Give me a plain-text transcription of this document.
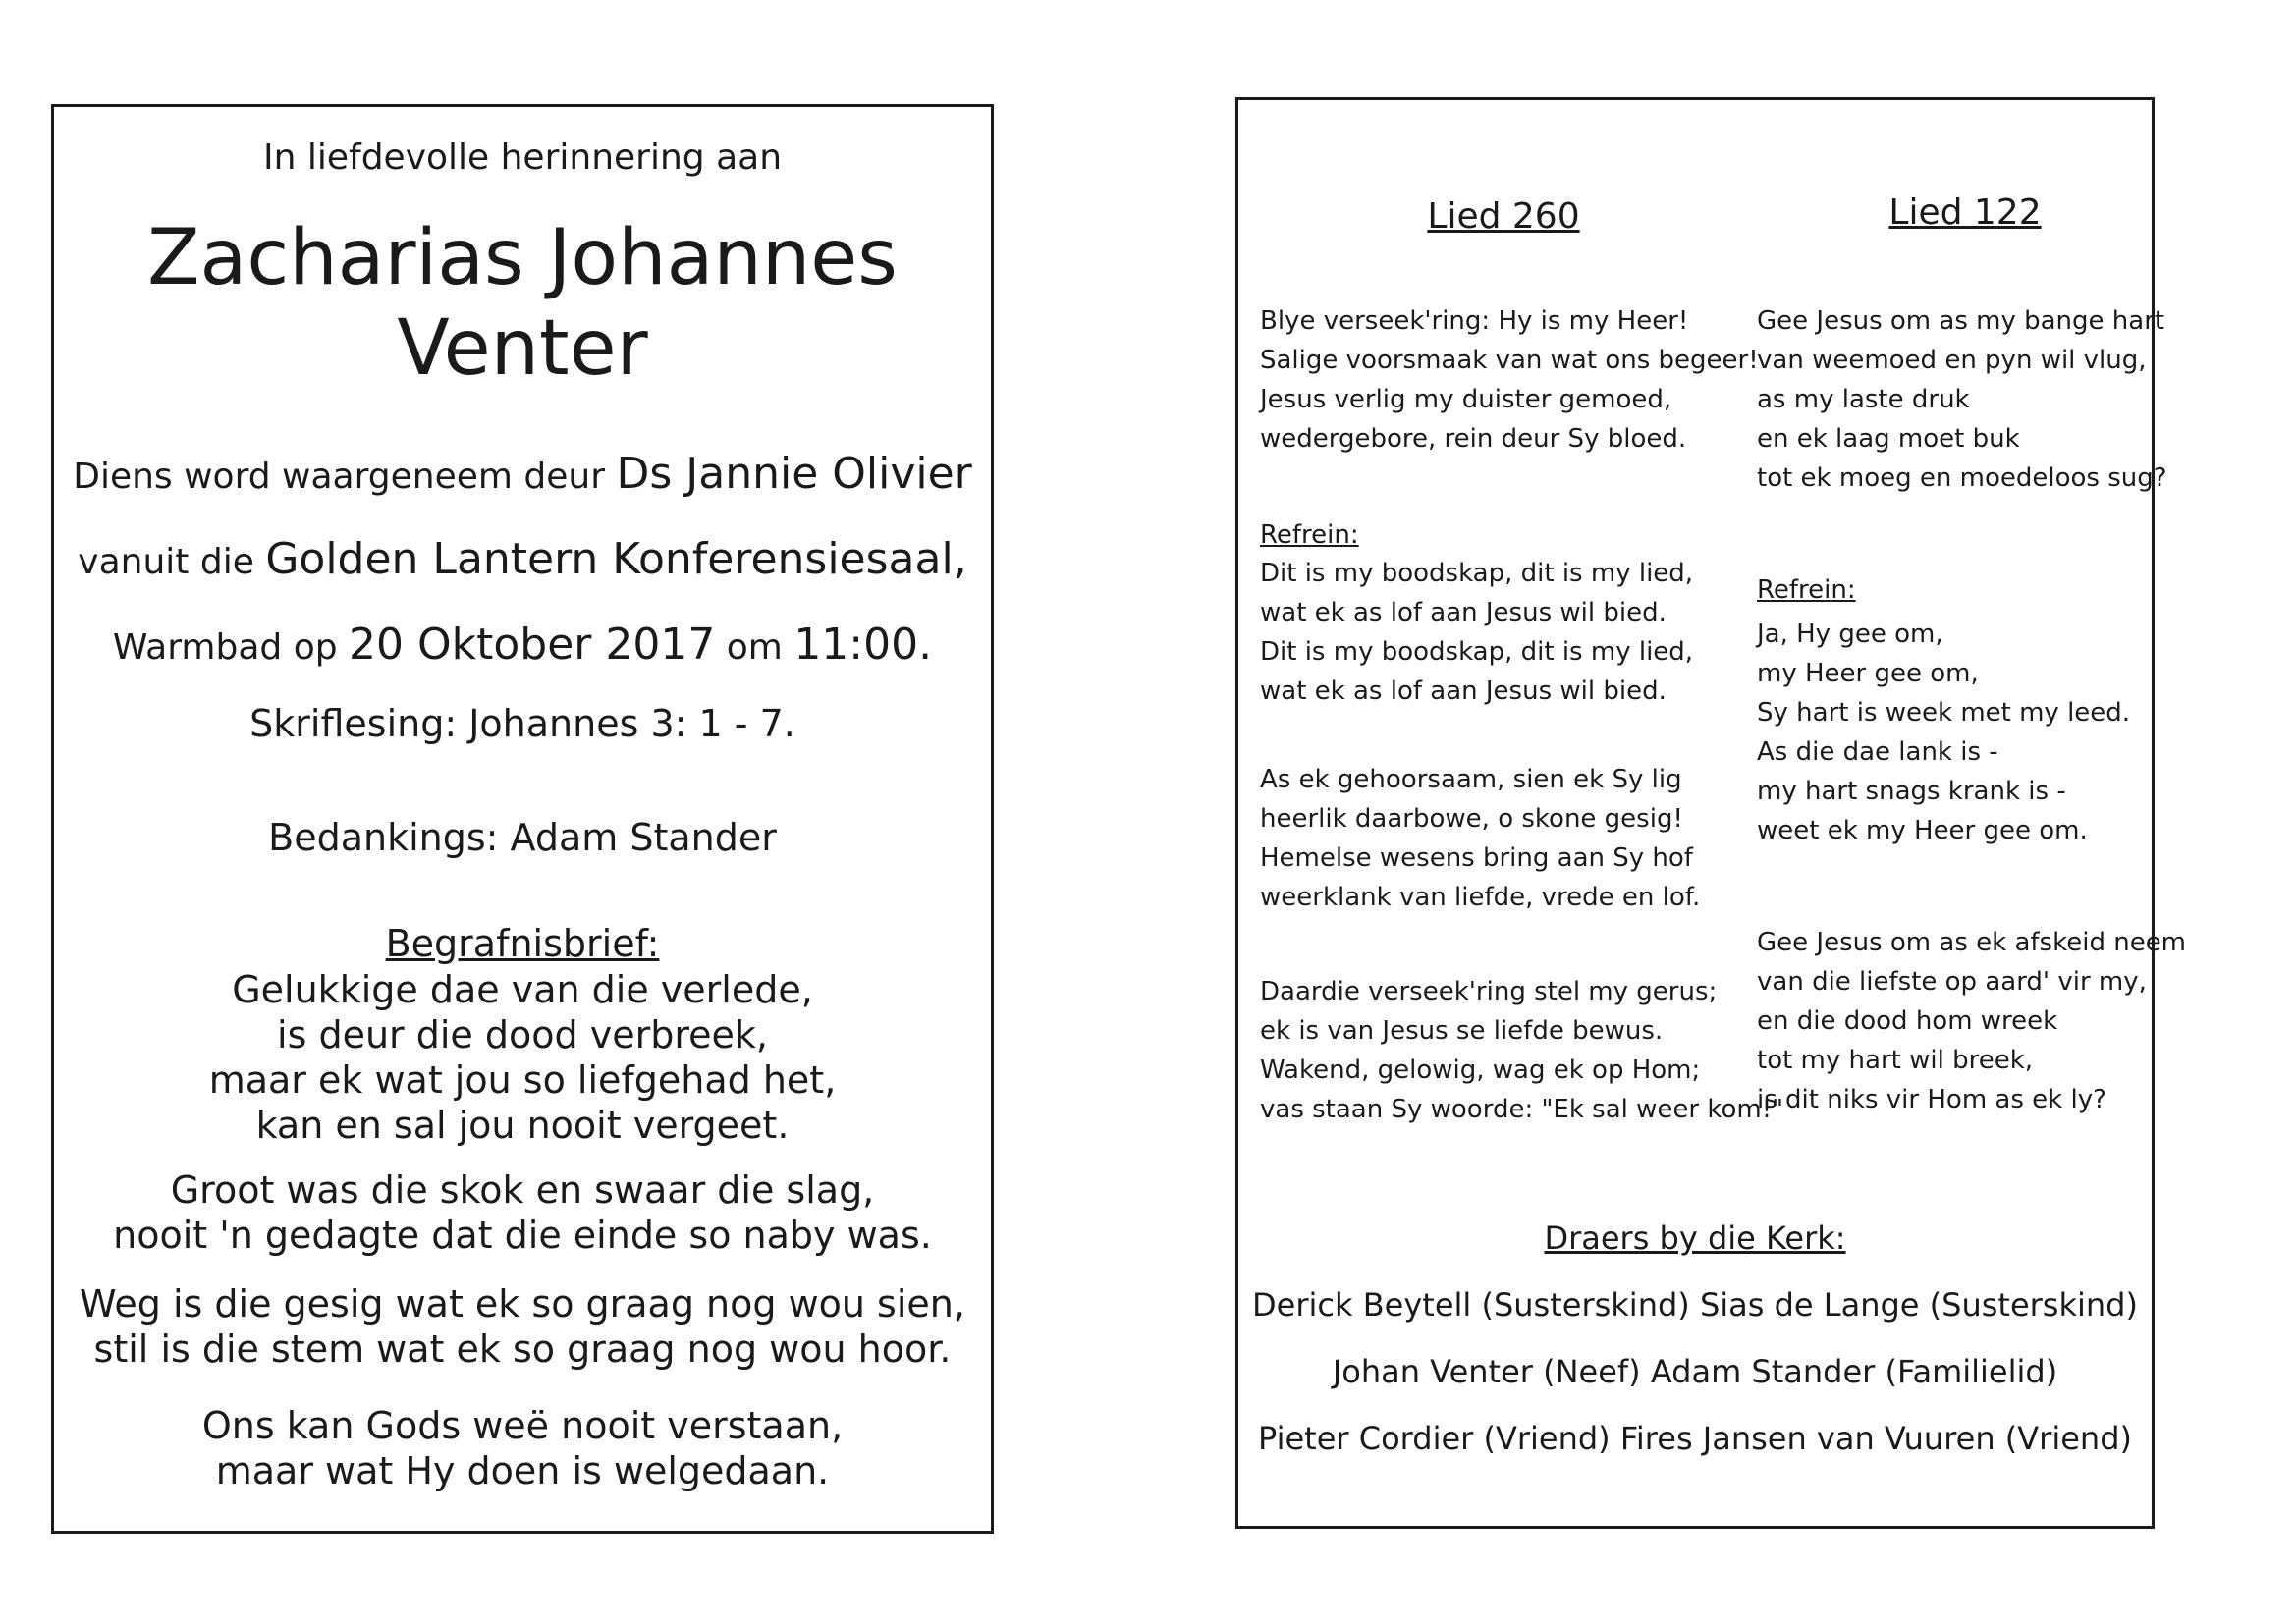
In liefdevolle herinnering aan
Zacharias Johannes
Venter
Diens word waargeneem deur Ds Jannie Olivier
vanuit die Golden Lantern Konferensiesaal,
Warmbad op 20 Oktober 2017 om 11:00.
Skriflesing: Johannes 3: 1 - 7.
Bedankings: Adam Stander
Begrafnisbrief:
Gelukkige dae van die verlede,
is deur die dood verbreek,
maar ek wat jou so liefgehad het,
kan en sal jou nooit vergeet.
Groot was die skok en swaar die slag,
nooit 'n gedagte dat die einde so naby was.
Weg is die gesig wat ek so graag nog wou sien,
stil is die stem wat ek so graag nog wou hoor.
Ons kan Gods weë nooit verstaan,
maar wat Hy doen is welgedaan.
Lied 260
Blye verseek'ring: Hy is my Heer!
Salige voorsmaak van wat ons begeer!
Jesus verlig my duister gemoed,
wedergebore, rein deur Sy bloed.
Refrein:
Dit is my boodskap, dit is my lied,
wat ek as lof aan Jesus wil bied.
Dit is my boodskap, dit is my lied,
wat ek as lof aan Jesus wil bied.
As ek gehoorsaam, sien ek Sy lig
heerlik daarbowe, o skone gesig!
Hemelse wesens bring aan Sy hof
weerklank van liefde, vrede en lof.
Daardie verseek'ring stel my gerus;
ek is van Jesus se liefde bewus.
Wakend, gelowig, wag ek op Hom;
vas staan Sy woorde: "Ek sal weer kom!"
Lied 122
Gee Jesus om as my bange hart
van weemoed en pyn wil vlug,
as my laste druk
en ek laag moet buk
tot ek moeg en moedeloos sug?
Refrein:
Ja, Hy gee om,
my Heer gee om,
Sy hart is week met my leed.
As die dae lank is -
my hart snags krank is -
weet ek my Heer gee om.
Gee Jesus om as ek afskeid neem
van die liefste op aard' vir my,
en die dood hom wreek
tot my hart wil breek,
is dit niks vir Hom as ek ly?
Draers by die Kerk:
Derick Beytell (Susterskind) Sias de Lange (Susterskind)
Johan Venter (Neef) Adam Stander (Familielid)
Pieter Cordier (Vriend) Fires Jansen van Vuuren (Vriend)
